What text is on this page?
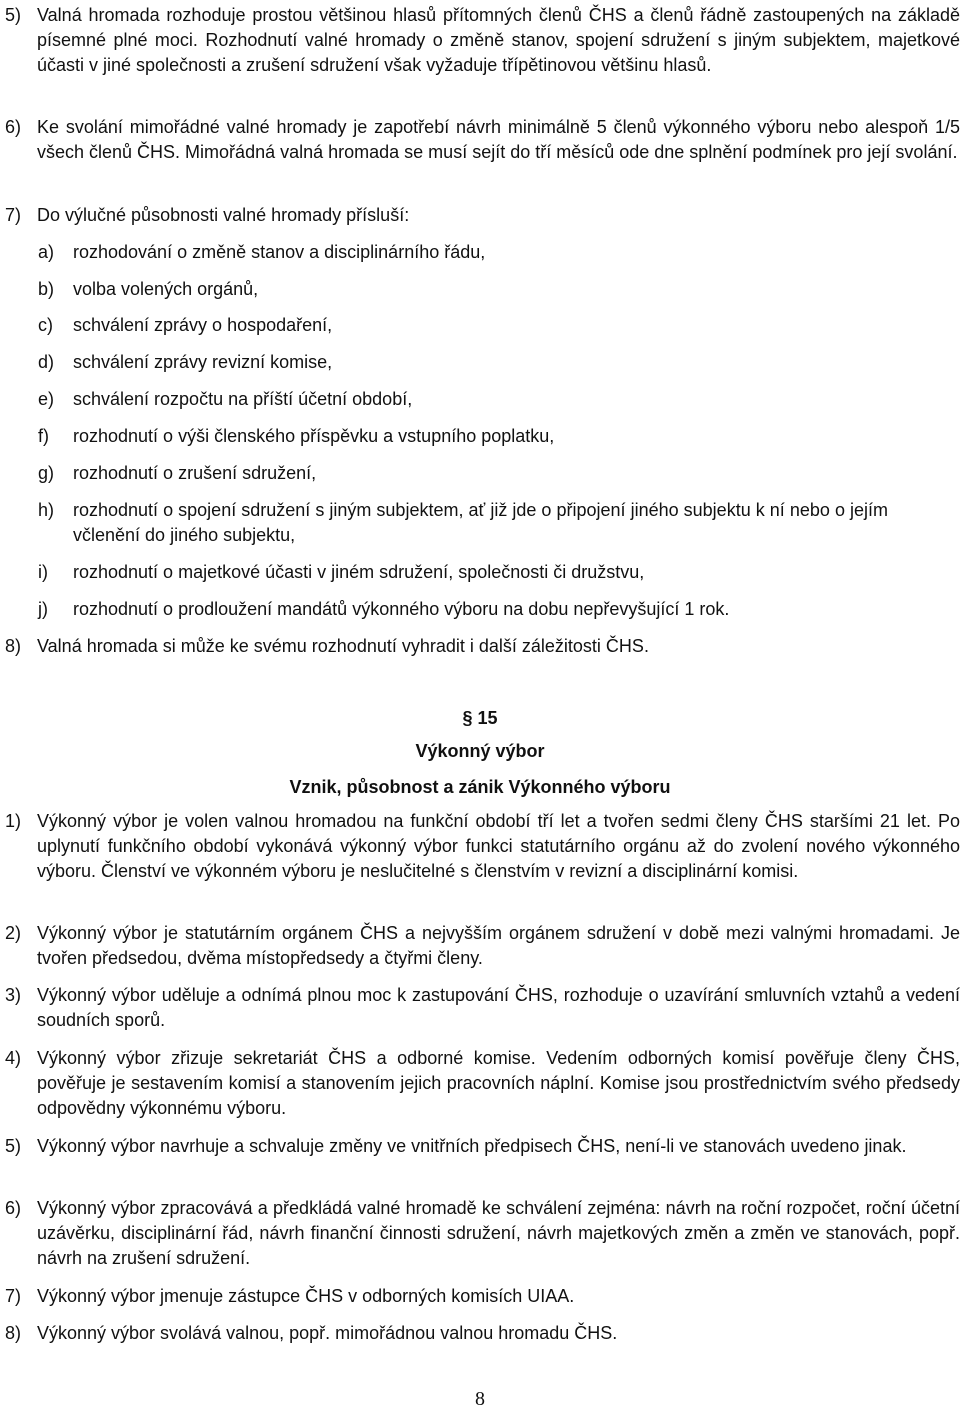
5) Valná hromada rozhoduje prostou většinou hlasů přítomných členů ČHS a členů řádně zastoupených na základě písemné plné moci. Rozhodnutí valné hromady o změně stanov, spojení sdružení s jiným subjektem, majetkové účasti v jiné společnosti a zrušení sdružení však vyžaduje třípětinovou většinu hlasů.
6) Ke svolání mimořádné valné hromady je zapotřebí návrh minimálně 5 členů výkonného výboru nebo alespoň 1/5 všech členů ČHS. Mimořádná valná hromada se musí sejít do tří měsíců ode dne splnění podmínek pro její svolání.
7) Do výlučné působnosti valné hromady přísluší:
a)	rozhodování o změně stanov a disciplinárního řádu,
b)	volba volených orgánů,
c)	schválení zprávy o hospodaření,
d)	schválení zprávy revizní komise,
e)	schválení rozpočtu na příští účetní období,
f)	rozhodnutí o výši členského příspěvku a vstupního poplatku,
g)	rozhodnutí o zrušení sdružení,
h)	rozhodnutí o spojení sdružení s jiným subjektem, ať již jde o připojení jiného subjektu k ní nebo o jejím včlenění do jiného subjektu,
i)	rozhodnutí o majetkové účasti v jiném sdružení, společnosti či družstvu,
j)	rozhodnutí o prodloužení mandátů výkonného výboru na dobu nepřevyšující 1 rok.
8) Valná hromada si může ke svému rozhodnutí vyhradit i další záležitosti ČHS.
§ 15
Výkonný výbor
Vznik, působnost a zánik Výkonného výboru
1) Výkonný výbor je volen valnou hromadou na funkční období tří let a tvořen sedmi členy ČHS staršími 21 let. Po uplynutí funkčního období vykonává výkonný výbor funkci statutárního orgánu až do zvolení nového výkonného výboru. Členství ve výkonném výboru je neslučitelné s členstvím v revizní a disciplinární komisi.
2) Výkonný výbor je statutárním orgánem ČHS a nejvyšším orgánem sdružení v době mezi valnými hromadami. Je tvořen předsedou, dvěma místopředsedy a čtyřmi členy.
3) Výkonný výbor uděluje a odnímá plnou moc k zastupování ČHS, rozhoduje o uzavírání smluvních vztahů a vedení soudních sporů.
4) Výkonný výbor zřizuje sekretariát ČHS a odborné komise. Vedením odborných komisí pověřuje členy ČHS, pověřuje je sestavením komisí a stanovením jejich pracovních náplní. Komise jsou prostřednictvím svého předsedy odpovědny výkonnému výboru.
5) Výkonný výbor navrhuje a schvaluje změny ve vnitřních předpisech ČHS, není-li ve stanovách uvedeno jinak.
6) Výkonný výbor zpracovává a předkládá valné hromadě ke schválení zejména: návrh na roční rozpočet, roční účetní uzávěrku, disciplinární řád, návrh finanční činnosti sdružení, návrh majetkových změn a změn ve stanovách, popř. návrh na zrušení sdružení.
7) Výkonný výbor jmenuje zástupce ČHS v odborných komisích UIAA.
8) Výkonný výbor svolává valnou, popř. mimořádnou valnou hromadu ČHS.
8
